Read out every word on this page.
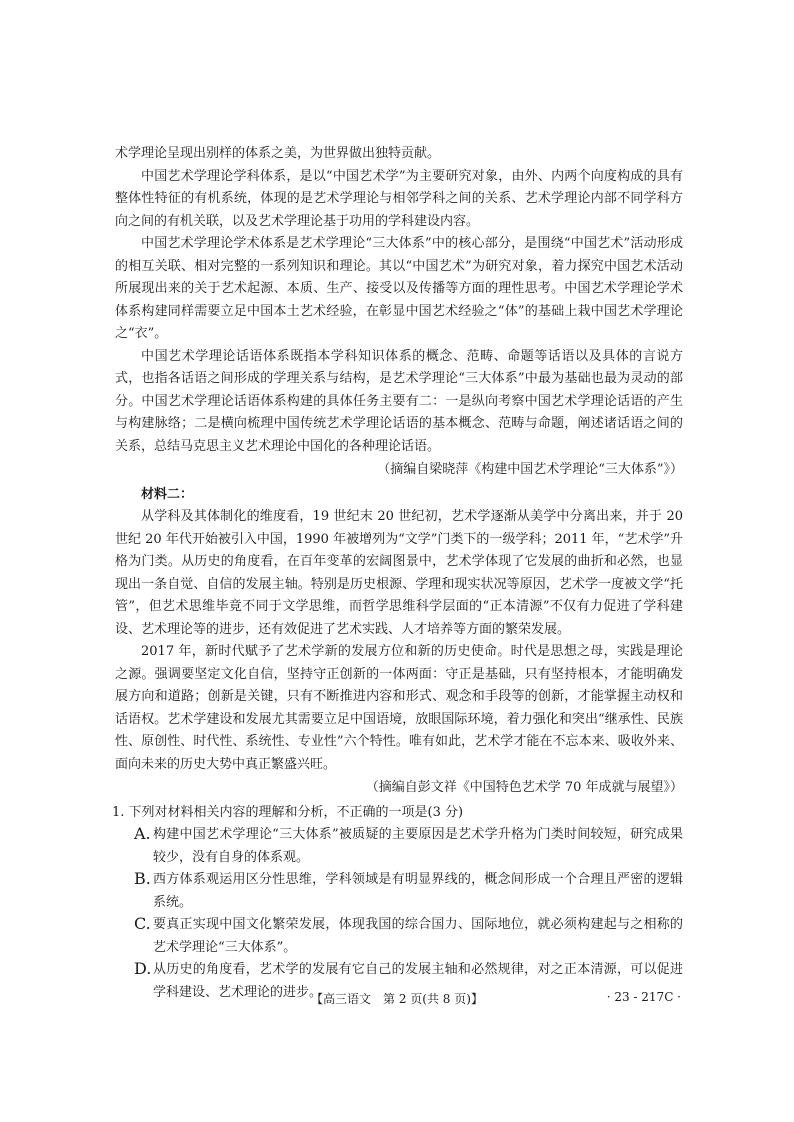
术学理论呈现出别样的体系之美，为世界做出独特贡献。

中国艺术学理论学科体系，是以“中国艺术学”为主要研究对象，由外、内两个向度构成的具有整体性特征的有机系统，体现的是艺术学理论与相邻学科之间的关系、艺术学理论内部不同学科方向之间的有机关联，以及艺术学理论基于功用的学科建设内容。

中国艺术学理论学术体系是艺术学理论“三大体系”中的核心部分，是围绕“中国艺术”活动形成的相互关联、相对完整的一系列知识和理论。其以“中国艺术”为研究对象，着力探究中国艺术活动所展现出来的关于艺术起源、本质、生产、接受以及传播等方面的理性思考。中国艺术学理论学术体系构建同样需要立足中国本土艺术经验，在彰显中国艺术经验之“体”的基础上栽中国艺术学理论之“衣”。

中国艺术学理论话语体系既指本学科知识体系的概念、范畴、命题等话语以及具体的言说方式，也指各话语之间形成的学理关系与结构，是艺术学理论“三大体系”中最为基础也最为灵动的部分。中国艺术学理论话语体系构建的具体任务主要有二：一是纵向考察中国艺术学理论话语的产生与构建脉络；二是横向梳理中国传统艺术学理论话语的基本概念、范畴与命题，阐述诸话语之间的关系，总结马克思主义艺术理论中国化的各种理论话语。

（摘编自梁晓萍《构建中国艺术学理论“三大体系”》）

材料二：

从学科及其体制化的维度看，19 世纪末 20 世纪初，艺术学逐渐从美学中分离出来，并于 20 世纪 20 年代开始被引入中国，1990 年被增列为“文学”门类下的一级学科；2011 年，“艺术学”升格为门类。从历史的角度看，在百年变革的宏阔图景中，艺术学体现了它发展的曲折和必然，也显现出一条自觉、自信的发展主轴。特别是历史根源、学理和现实状况等原因，艺术学一度被文学“托管”，但艺术思维毕竟不同于文学思维，而哲学思维科学层面的“正本清源”不仅有力促进了学科建设、艺术理论等的进步，还有效促进了艺术实践、人才培养等方面的繁荣发展。

2017 年，新时代赋予了艺术学新的发展方位和新的历史使命。时代是思想之母，实践是理论之源。强调要坚定文化自信，坚持守正创新的一体两面：守正是基础，只有坚持根本，才能明确发展方向和道路；创新是关键，只有不断推进内容和形式、观念和手段等的创新，才能掌握主动权和话语权。艺术学建设和发展尤其需要立足中国语境，放眼国际环境，着力强化和突出“继承性、民族性、原创性、时代性、系统性、专业性”六个特性。唯有如此，艺术学才能在不忘本来、吸收外来、面向未来的历史大势中真正繁盛兴旺。

（摘编自彭文祥《中国特色艺术学 70 年成就与展望》）

1. 下列对材料相关内容的理解和分析，不正确的一项是(3 分)

A. 构建中国艺术学理论“三大体系”被质疑的主要原因是艺术学升格为门类时间较短，研究成果较少，没有自身的体系观。

B. 西方体系观运用区分性思维，学科领域是有明显界线的，概念间形成一个合理且严密的逻辑系统。

C. 要真正实现中国文化繁荣发展，体现我国的综合国力、国际地位，就必须构建起与之相称的艺术学理论“三大体系”。

D. 从历史的角度看，艺术学的发展有它自己的发展主轴和必然规律，对之正本清源，可以促进学科建设、艺术理论的进步。

【高三语文　第 2 页(共 8 页)】	· 23 - 217C ·
